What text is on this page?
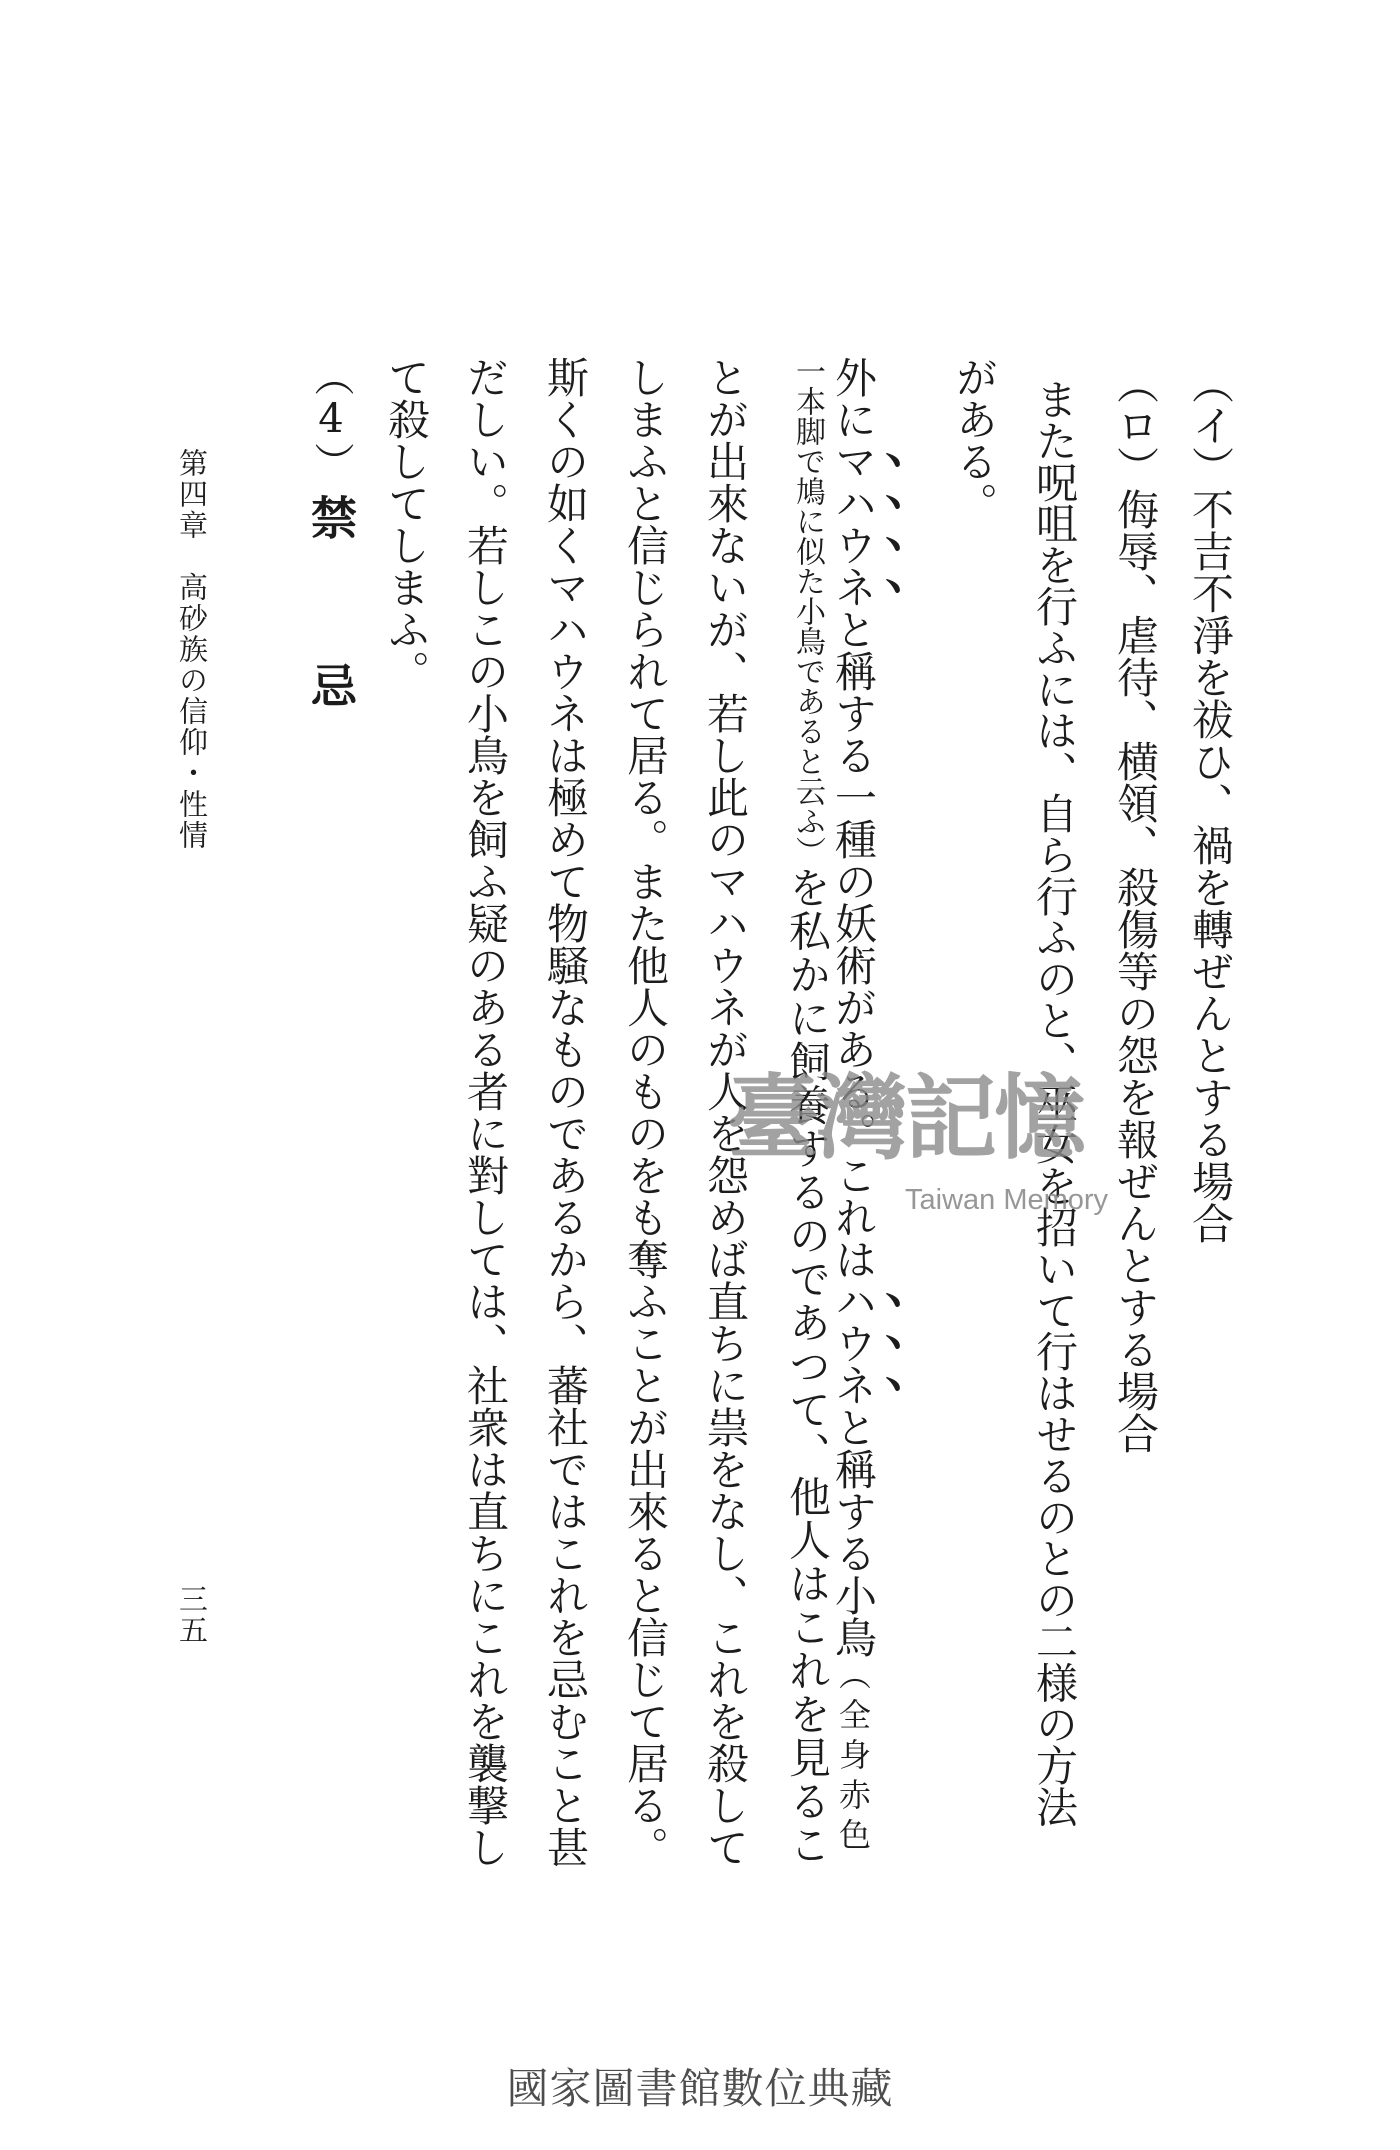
（イ）不吉不淨を祓ひ、禍を轉ぜんとする場合
（ロ）侮辱、虐待、横領、殺傷等の怨を報ぜんとする場合
また呪咀を行ふには、自ら行ふのと、巫女を招いて行はせるのとの二様の方法
がある。
外にマハウネと稱する一種の妖術がある。これはハウネと稱する小鳥（全身赤色
一本脚で鳩に似た小鳥であると云ふ）を私かに飼養するのであつて、他人はこれを見るこ
とが出來ないが、若し此のマハウネが人を怨めば直ちに祟をなし、これを殺して
しまふと信じられて居る。また他人のものをも奪ふことが出來ると信じて居る。
斯くの如くマハウネは極めて物騒なものであるから、蕃社ではこれを忌むこと甚
だしい。若しこの小鳥を飼ふ疑のある者に對しては、社衆は直ちにこれを襲撃し
て殺してしまふ。
（4）禁　忌
第四章　高砂族の信仰・性情
三五
臺灣記憶
Taiwan Memory
國家圖書館數位典藏
